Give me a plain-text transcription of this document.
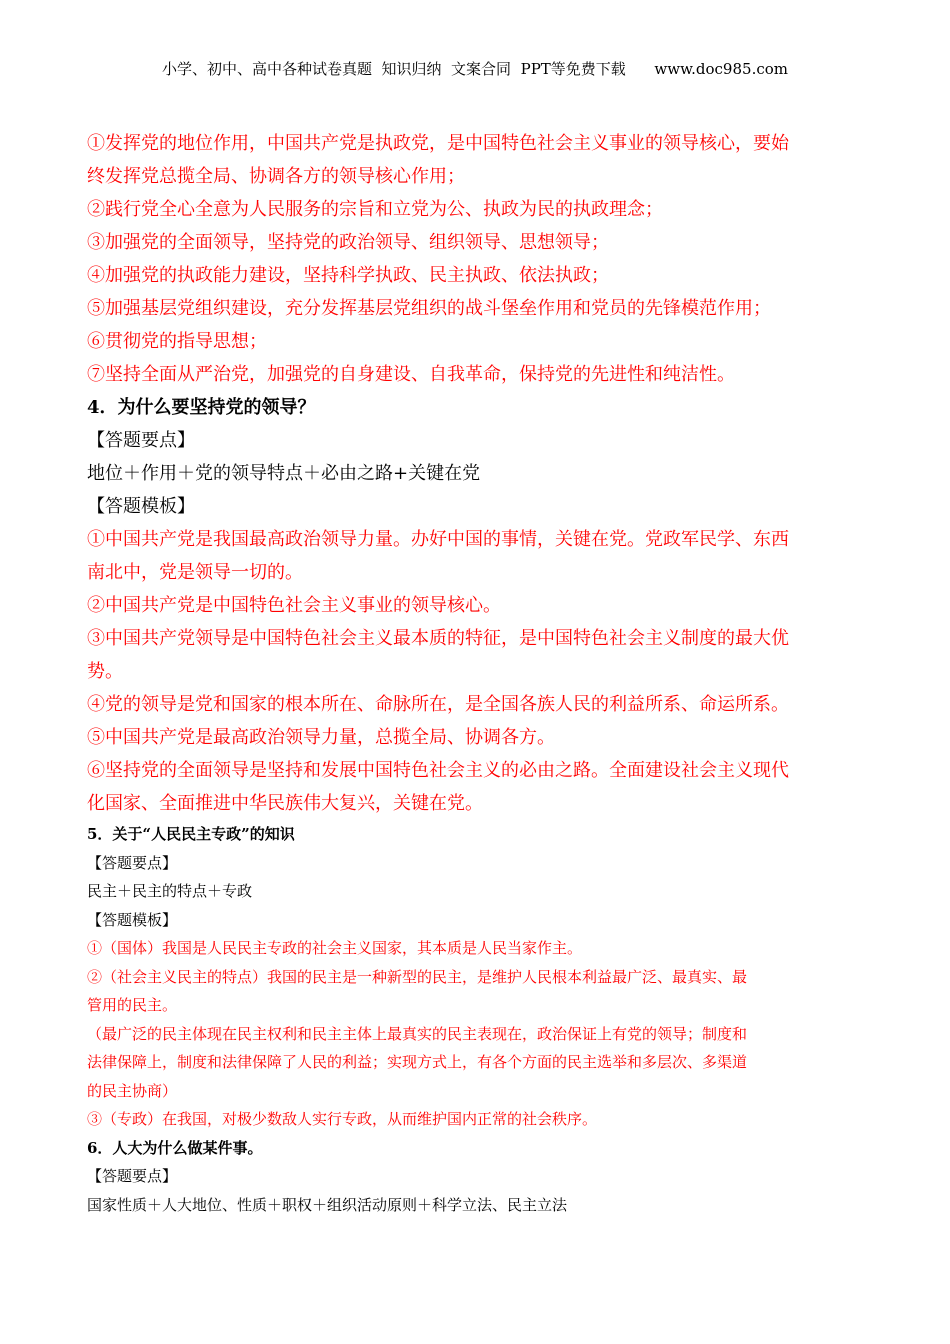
小学、初中、高中各种试卷真题  知识归纳  文案合同  PPT等免费下载      www.doc985.com
①发挥党的地位作用，中国共产党是执政党，是中国特色社会主义事业的领导核心，要始
终发挥党总揽全局、协调各方的领导核心作用；
②践行党全心全意为人民服务的宗旨和立党为公、执政为民的执政理念；
③加强党的全面领导，坚持党的政治领导、组织领导、思想领导；
④加强党的执政能力建设，坚持科学执政、民主执政、依法执政；
⑤加强基层党组织建设，充分发挥基层党组织的战斗堡垒作用和党员的先锋模范作用；
⑥贯彻党的指导思想；
⑦坚持全面从严治党，加强党的自身建设、自我革命，保持党的先进性和纯洁性。
4．为什么要坚持党的领导？
【答题要点】
地位＋作用＋党的领导特点＋必由之路+关键在党
【答题模板】
①中国共产党是我国最高政治领导力量。办好中国的事情，关键在党。党政军民学、东西
南北中，党是领导一切的。
②中国共产党是中国特色社会主义事业的领导核心。
③中国共产党领导是中国特色社会主义最本质的特征，是中国特色社会主义制度的最大优
势。
④党的领导是党和国家的根本所在、命脉所在，是全国各族人民的利益所系、命运所系。
⑤中国共产党是最高政治领导力量，总揽全局、协调各方。
⑥坚持党的全面领导是坚持和发展中国特色社会主义的必由之路。全面建设社会主义现代
化国家、全面推进中华民族伟大复兴，关键在党。
5．关于“人民民主专政”的知识
【答题要点】
民主＋民主的特点＋专政
【答题模板】
①（国体）我国是人民民主专政的社会主义国家，其本质是人民当家作主。
②（社会主义民主的特点）我国的民主是一种新型的民主，是维护人民根本利益最广泛、最真实、最
管用的民主。
（最广泛的民主体现在民主权利和民主主体上最真实的民主表现在，政治保证上有党的领导；制度和
法律保障上，制度和法律保障了人民的利益；实现方式上，有各个方面的民主选举和多层次、多渠道
的民主协商）
③（专政）在我国，对极少数敌人实行专政，从而维护国内正常的社会秩序。
6．人大为什么做某件事。
【答题要点】
国家性质＋人大地位、性质＋职权＋组织活动原则＋科学立法、民主立法
